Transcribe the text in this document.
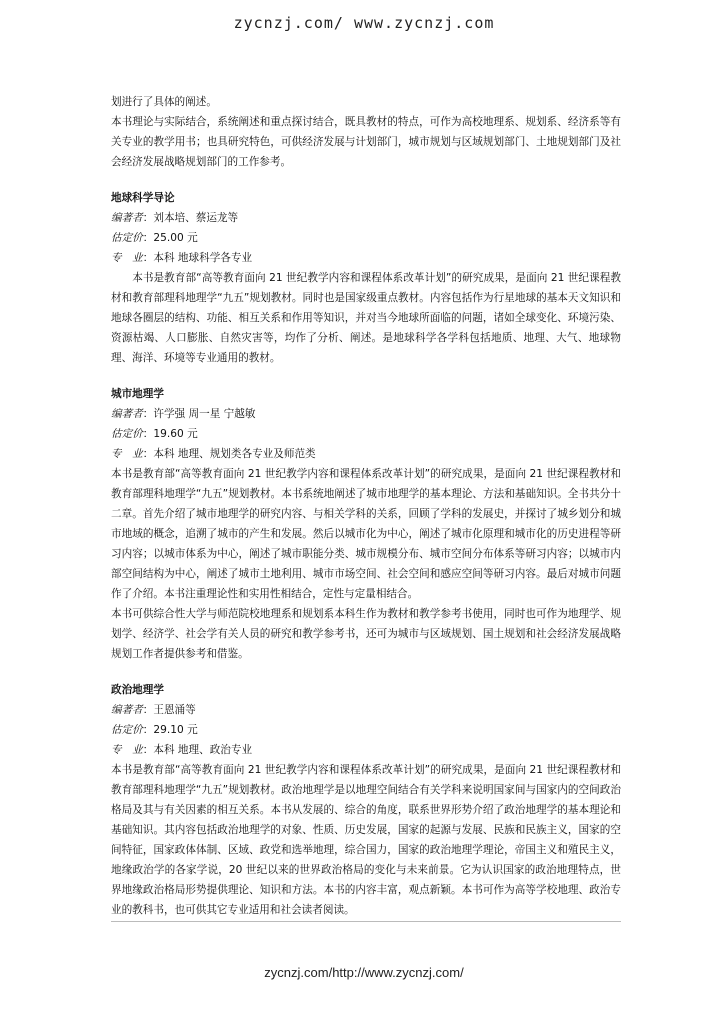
zycnzj.com/ www.zycnzj.com

划进行了具体的阐述。

本书理论与实际结合，系统阐述和重点探讨结合，既具教材的特点，可作为高校地理系、规划系、经济系等有关专业的教学用书；也具研究特色，可供经济发展与计划部门，城市规划与区域规划部门、土地规划部门及社会经济发展战略规划部门的工作参考。

地球科学导论

编著者：刘本培、蔡运龙等

估定价：25.00 元

专　业：本科 地球科学各专业

本书是教育部“高等教育面向 21 世纪教学内容和课程体系改革计划”的研究成果，是面向 21 世纪课程教材和教育部理科地理学“九五”规划教材。同时也是国家级重点教材。内容包括作为行星地球的基本天文知识和地球各圈层的结构、功能、相互关系和作用等知识，并对当今地球所面临的问题，诸如全球变化、环境污染、资源枯竭、人口膨胀、自然灾害等，均作了分析、阐述。是地球科学各学科包括地质、地理、大气、地球物理、海洋、环境等专业通用的教材。

城市地理学

编著者：许学强 周一星 宁越敏

估定价：19.60 元

专　业：本科 地理、规划类各专业及师范类

本书是教育部“高等教育面向 21 世纪教学内容和课程体系改革计划”的研究成果，是面向 21 世纪课程教材和教育部理科地理学“九五”规划教材。本书系统地阐述了城市地理学的基本理论、方法和基础知识。全书共分十二章。首先介绍了城市地理学的研究内容、与相关学科的关系，回顾了学科的发展史，并探讨了城乡划分和城市地域的概念，追溯了城市的产生和发展。然后以城市化为中心，阐述了城市化原理和城市化的历史进程等研习内容；以城市体系为中心，阐述了城市职能分类、城市规模分布、城市空间分布体系等研习内容；以城市内部空间结构为中心，阐述了城市土地利用、城市市场空间、社会空间和感应空间等研习内容。最后对城市问题作了介绍。本书注重理论性和实用性相结合，定性与定量相结合。

本书可供综合性大学与师范院校地理系和规划系本科生作为教材和教学参考书使用，同时也可作为地理学、规划学、经济学、社会学有关人员的研究和教学参考书，还可为城市与区域规划、国土规划和社会经济发展战略规划工作者提供参考和借鉴。

政治地理学

编著者：王恩涌等

估定价：29.10 元

专　业：本科 地理、政治专业

本书是教育部“高等教育面向 21 世纪教学内容和课程体系改革计划”的研究成果，是面向 21 世纪课程教材和教育部理科地理学“九五”规划教材。政治地理学是以地理空间结合有关学科来说明国家间与国家内的空间政治格局及其与有关因素的相互关系。本书从发展的、综合的角度，联系世界形势介绍了政治地理学的基本理论和基础知识。其内容包括政治地理学的对象、性质、历史发展，国家的起源与发展、民族和民族主义，国家的空间特征，国家政体体制、区域、政党和选举地理，综合国力，国家的政治地理学理论，帝国主义和殖民主义，地缘政治学的各家学说，20 世纪以来的世界政治格局的变化与未来前景。它为认识国家的政治地理特点，世界地缘政治格局形势提供理论、知识和方法。本书的内容丰富，观点新颖。本书可作为高等学校地理、政治专业的教科书，也可供其它专业适用和社会读者阅读。

zycnzj.com/http://www.zycnzj.com/
